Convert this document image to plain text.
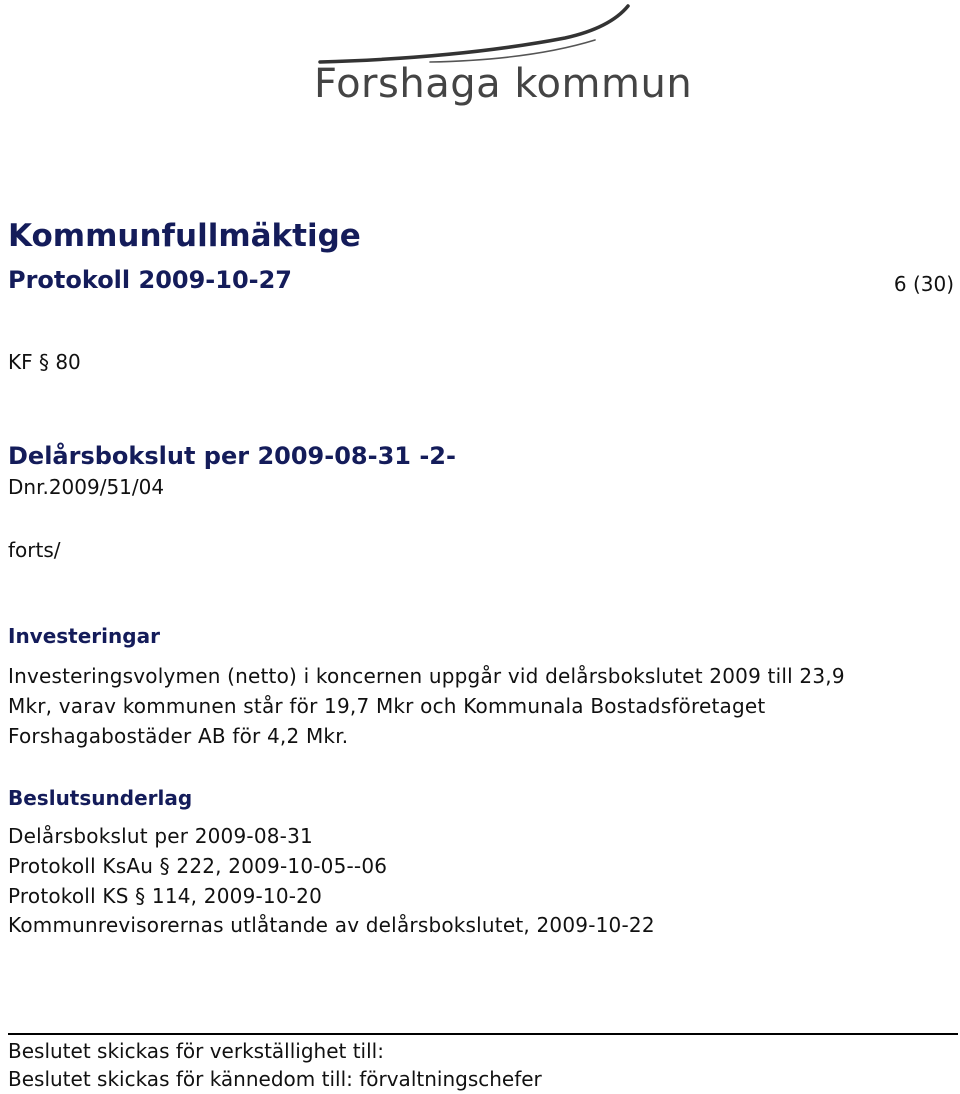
Forshaga kommun
Kommunfullmäktige
Protokoll 2009-10-27	6 (30)
KF § 80
Delårsbokslut per 2009-08-31 -2-
Dnr.2009/51/04
forts/
Investeringar
Investeringsvolymen (netto) i koncernen uppgår vid delårsbokslutet 2009 till 23,9
Mkr, varav kommunen står för 19,7 Mkr och Kommunala Bostadsföretaget
Forshagabostäder AB för 4,2 Mkr.
Beslutsunderlag
Delårsbokslut per 2009-08-31
Protokoll KsAu § 222, 2009-10-05--06
Protokoll KS § 114, 2009-10-20
Kommunrevisorernas utlåtande av delårsbokslutet, 2009-10-22
Beslutet skickas för verkställighet till:
Beslutet skickas för kännedom till: förvaltningschefer
